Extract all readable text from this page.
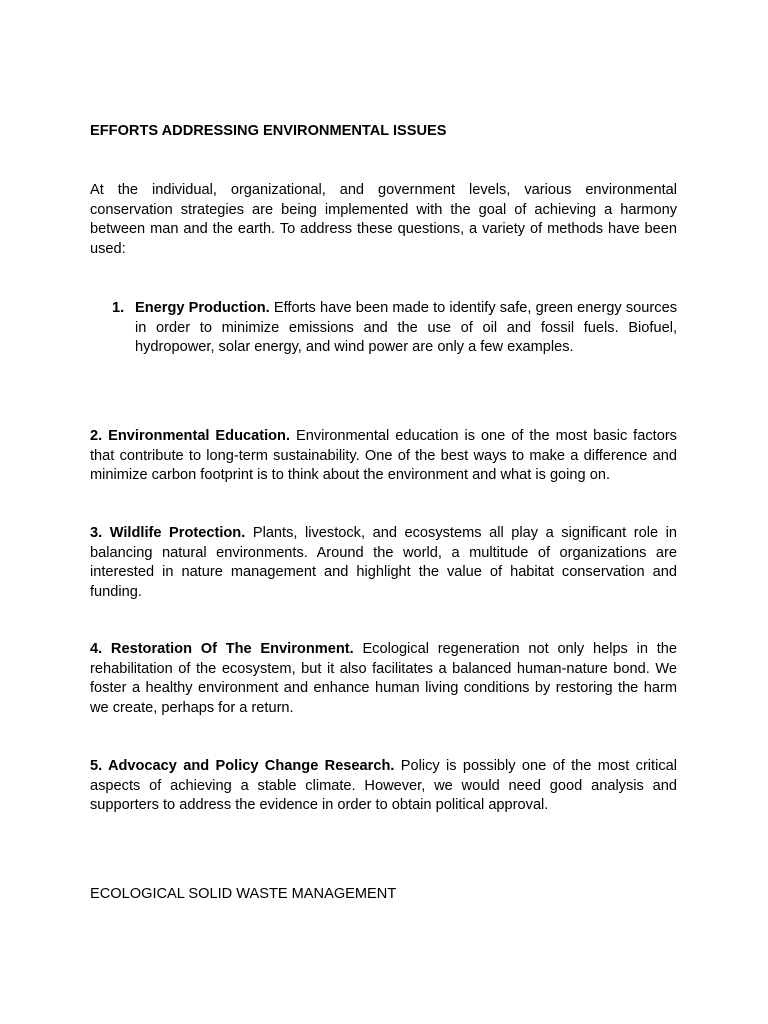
EFFORTS ADDRESSING ENVIRONMENTAL ISSUES

At the individual, organizational, and government levels, various environmental conservation strategies are being implemented with the goal of achieving a harmony between man and the earth. To address these questions, a variety of methods have been used:

1. Energy Production. Efforts have been made to identify safe, green energy sources in order to minimize emissions and the use of oil and fossil fuels. Biofuel, hydropower, solar energy, and wind power are only a few examples.

2. Environmental Education. Environmental education is one of the most basic factors that contribute to long-term sustainability. One of the best ways to make a difference and minimize carbon footprint is to think about the environment and what is going on.

3. Wildlife Protection. Plants, livestock, and ecosystems all play a significant role in balancing natural environments. Around the world, a multitude of organizations are interested in nature management and highlight the value of habitat conservation and funding.

4. Restoration Of The Environment. Ecological regeneration not only helps in the rehabilitation of the ecosystem, but it also facilitates a balanced human-nature bond. We foster a healthy environment and enhance human living conditions by restoring the harm we create, perhaps for a return.

5. Advocacy and Policy Change Research. Policy is possibly one of the most critical aspects of achieving a stable climate. However, we would need good analysis and supporters to address the evidence in order to obtain political approval.

ECOLOGICAL SOLID WASTE MANAGEMENT
